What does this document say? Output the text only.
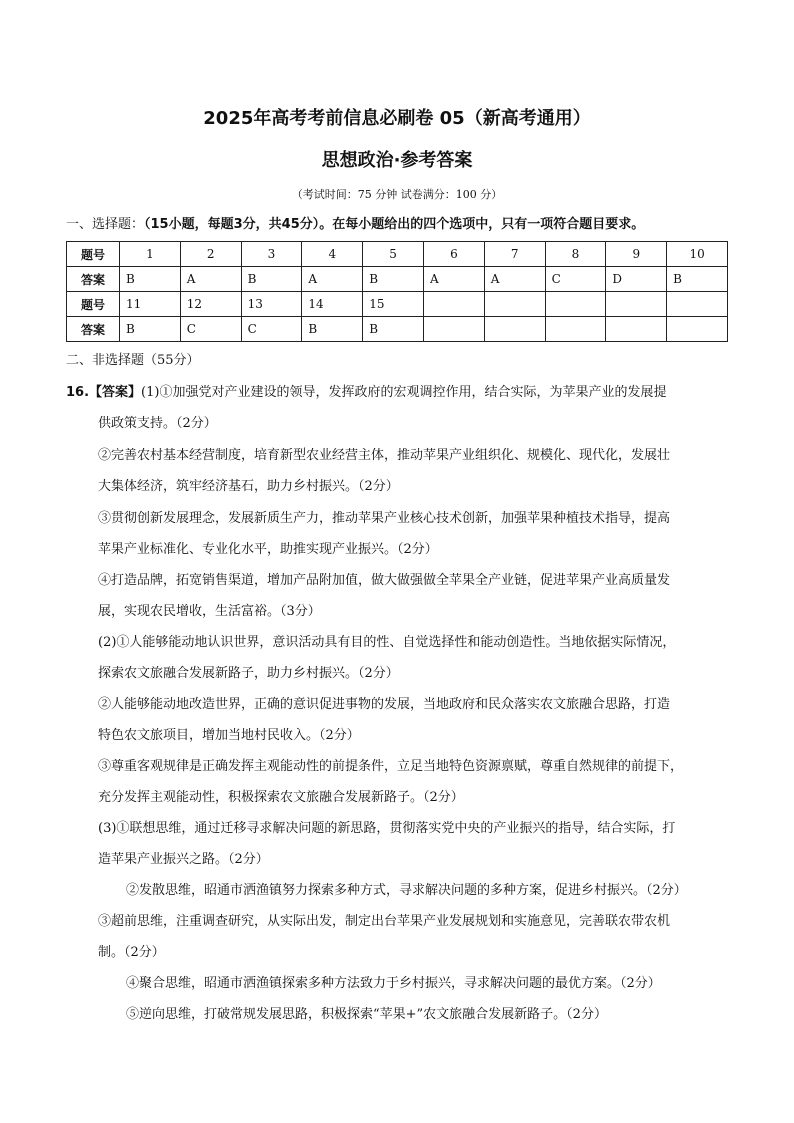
2025年高考考前信息必刷卷 05（新高考通用）
思想政治·参考答案
（考试时间：75 分钟 试卷满分：100 分）
一、选择题：（15小题，每题3分，共45分）。在每小题给出的四个选项中，只有一项符合题目要求。
题号	1	2	3	4	5	6	7	8	9	10
答案	B	A	B	A	B	A	A	C	D	B
题号	11	12	13	14	15					
答案	B	C	C	B	B					
二、非选择题（55分）
16.【答案】(1)①加强党对产业建设的领导，发挥政府的宏观调控作用，结合实际，为苹果产业的发展提
供政策支持。（2分）
②完善农村基本经营制度，培育新型农业经营主体，推动苹果产业组织化、规模化、现代化，发展壮
大集体经济，筑牢经济基石，助力乡村振兴。（2分）
③贯彻创新发展理念，发展新质生产力，推动苹果产业核心技术创新，加强苹果种植技术指导，提高
苹果产业标准化、专业化水平，助推实现产业振兴。（2分）
④打造品牌，拓宽销售渠道，增加产品附加值，做大做强做全苹果全产业链，促进苹果产业高质量发
展，实现农民增收，生活富裕。（3分）
(2)①人能够能动地认识世界，意识活动具有目的性、自觉选择性和能动创造性。当地依据实际情况，
探索农文旅融合发展新路子，助力乡村振兴。（2分）
②人能够能动地改造世界，正确的意识促进事物的发展，当地政府和民众落实农文旅融合思路，打造
特色农文旅项目，增加当地村民收入。（2分）
③尊重客观规律是正确发挥主观能动性的前提条件，立足当地特色资源禀赋，尊重自然规律的前提下，
充分发挥主观能动性，积极探索农文旅融合发展新路子。（2分）
(3)①联想思维，通过迁移寻求解决问题的新思路，贯彻落实党中央的产业振兴的指导，结合实际，打
造苹果产业振兴之路。（2分）
②发散思维，昭通市洒渔镇努力探索多种方式，寻求解决问题的多种方案，促进乡村振兴。（2分）
③超前思维，注重调查研究，从实际出发，制定出台苹果产业发展规划和实施意见，完善联农带农机
制。（2分）
④聚合思维，昭通市洒渔镇探索多种方法致力于乡村振兴，寻求解决问题的最优方案。（2分）
⑤逆向思维，打破常规发展思路，积极探索“苹果+”农文旅融合发展新路子。（2分）
